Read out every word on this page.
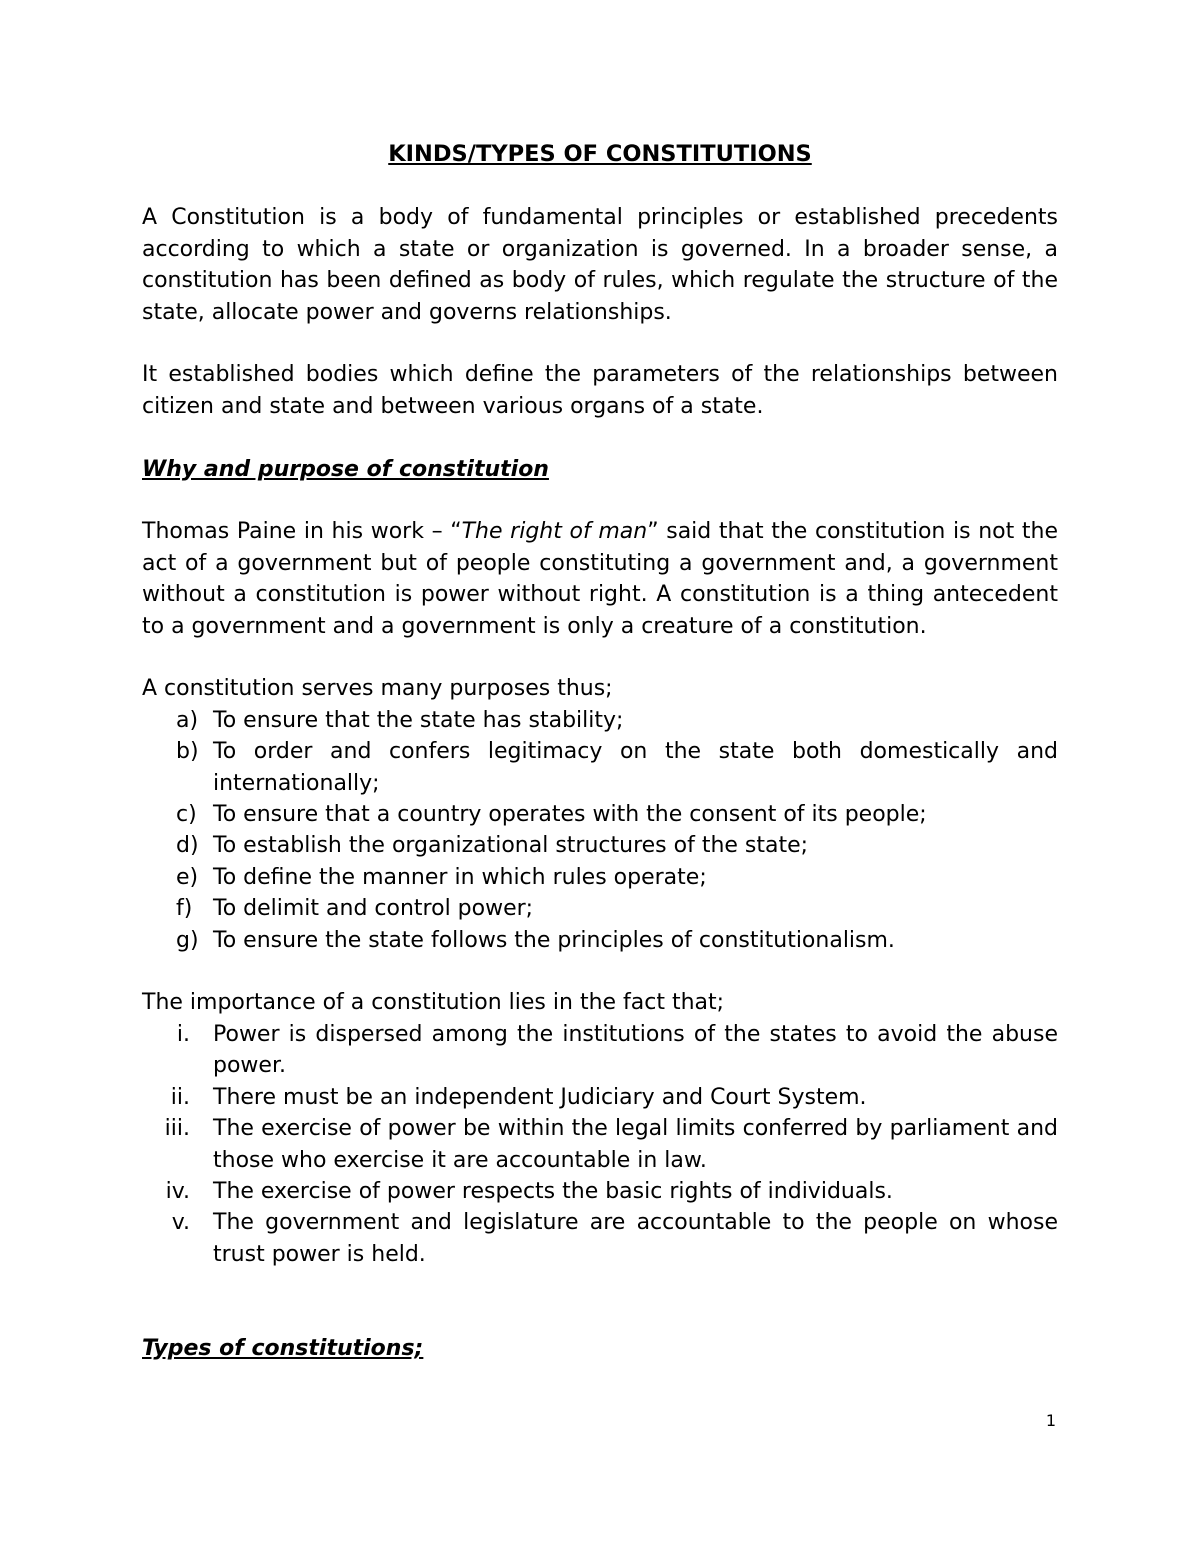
KINDS/TYPES OF CONSTITUTIONS

A Constitution is a body of fundamental principles or established precedents according to which a state or organization is governed. In a broader sense, a constitution has been defined as body of rules, which regulate the structure of the state, allocate power and governs relationships.

It established bodies which define the parameters of the relationships between citizen and state and between various organs of a state.

Why and purpose of constitution

Thomas Paine in his work – “The right of man” said that the constitution is not the act of a government but of people constituting a government and, a government without a constitution is power without right. A constitution is a thing antecedent to a government and a government is only a creature of a constitution.

A constitution serves many purposes thus;

a) To ensure that the state has stability;
b) To order and confers legitimacy on the state both domestically and internationally;
c) To ensure that a country operates with the consent of its people;
d) To establish the organizational structures of the state;
e) To define the manner in which rules operate;
f) To delimit and control power;
g) To ensure the state follows the principles of constitutionalism.

The importance of a constitution lies in the fact that;

i.	Power is dispersed among the institutions of the states to avoid the abuse power.
ii.	There must be an independent Judiciary and Court System.
iii.	The exercise of power be within the legal limits conferred by parliament and those who exercise it are accountable in law.
iv.	The exercise of power respects the basic rights of individuals.
v.	The government and legislature are accountable to the people on whose trust power is held.

Types of constitutions;

1
